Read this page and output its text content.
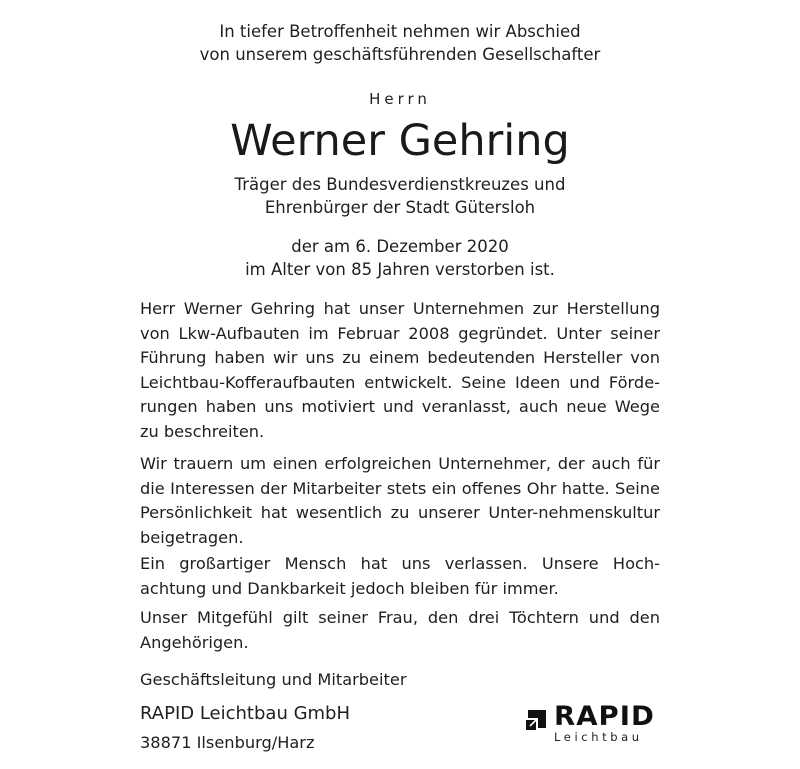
In tiefer Betroffenheit nehmen wir Abschied
von unserem geschäftsführenden Gesellschafter
Herrn
Werner Gehring
Träger des Bundesverdienstkreuzes und
Ehrenbürger der Stadt Gütersloh
der am 6. Dezember 2020
im Alter von 85 Jahren verstorben ist.

Herr Werner Gehring hat unser Unternehmen zur Herstellung von Lkw-Aufbauten im Februar 2008 gegründet. Unter seiner Führung haben wir uns zu einem bedeutenden Hersteller von Leichtbau-Kofferaufbauten entwickelt. Seine Ideen und Förde-rungen haben uns motiviert und veranlasst, auch neue Wege zu beschreiten.

Wir trauern um einen erfolgreichen Unternehmer, der auch für die Interessen der Mitarbeiter stets ein offenes Ohr hatte. Seine Persönlichkeit hat wesentlich zu unserer Unter-nehmenskultur beigetragen.

Ein großartiger Mensch hat uns verlassen. Unsere Hoch-achtung und Dankbarkeit jedoch bleiben für immer.

Unser Mitgefühl gilt seiner Frau, den drei Töchtern und den Angehörigen.

Geschäftsleitung und Mitarbeiter
RAPID Leichtbau GmbH
38871 Ilsenburg/Harz
RAPID
Leichtbau
